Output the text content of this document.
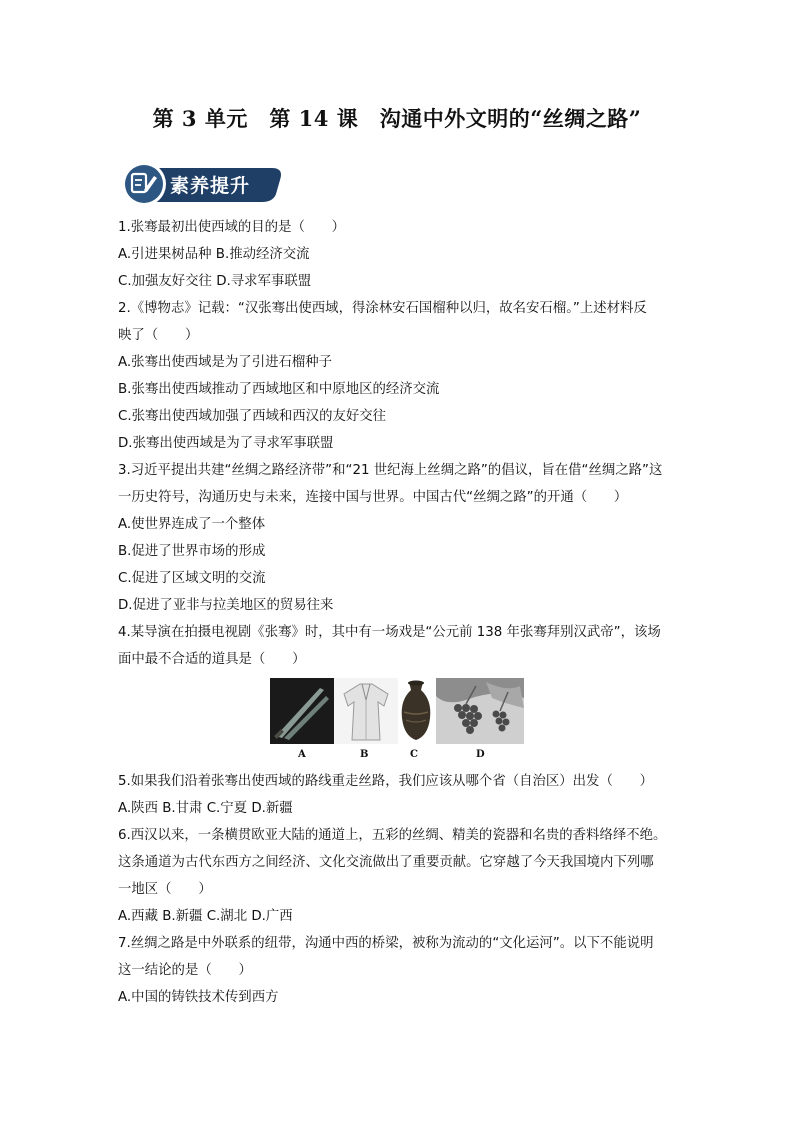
第 3 单元　第 14 课　沟通中外文明的“丝绸之路”
素养提升
1.张骞最初出使西域的目的是（　　）
A.引进果树品种 B.推动经济交流
C.加强友好交往 D.寻求军事联盟
2.《博物志》记载：“汉张骞出使西域，得涂林安石国榴种以归，故名安石榴。”上述材料反
映了（　　）
A.张骞出使西域是为了引进石榴种子
B.张骞出使西域推动了西域地区和中原地区的经济交流
C.张骞出使西域加强了西域和西汉的友好交往
D.张骞出使西域是为了寻求军事联盟
3.习近平提出共建“丝绸之路经济带”和“21 世纪海上丝绸之路”的倡议，旨在借“丝绸之路”这
一历史符号，沟通历史与未来，连接中国与世界。中国古代“丝绸之路”的开通（　　）
A.使世界连成了一个整体
B.促进了世界市场的形成
C.促进了区域文明的交流
D.促进了亚非与拉美地区的贸易往来
4.某导演在拍摄电视剧《张骞》时，其中有一场戏是“公元前 138 年张骞拜别汉武帝”，该场
面中最不合适的道具是（　　）
A	B	C	D
5.如果我们沿着张骞出使西域的路线重走丝路，我们应该从哪个省（自治区）出发（　　）
A.陕西 B.甘肃 C.宁夏 D.新疆
6.西汉以来，一条横贯欧亚大陆的通道上，五彩的丝绸、精美的瓷器和名贵的香料络绎不绝。
这条通道为古代东西方之间经济、文化交流做出了重要贡献。它穿越了今天我国境内下列哪
一地区（　　）
A.西藏 B.新疆 C.湖北 D.广西
7.丝绸之路是中外联系的纽带，沟通中西的桥梁，被称为流动的“文化运河”。以下不能说明
这一结论的是（　　）
A.中国的铸铁技术传到西方
